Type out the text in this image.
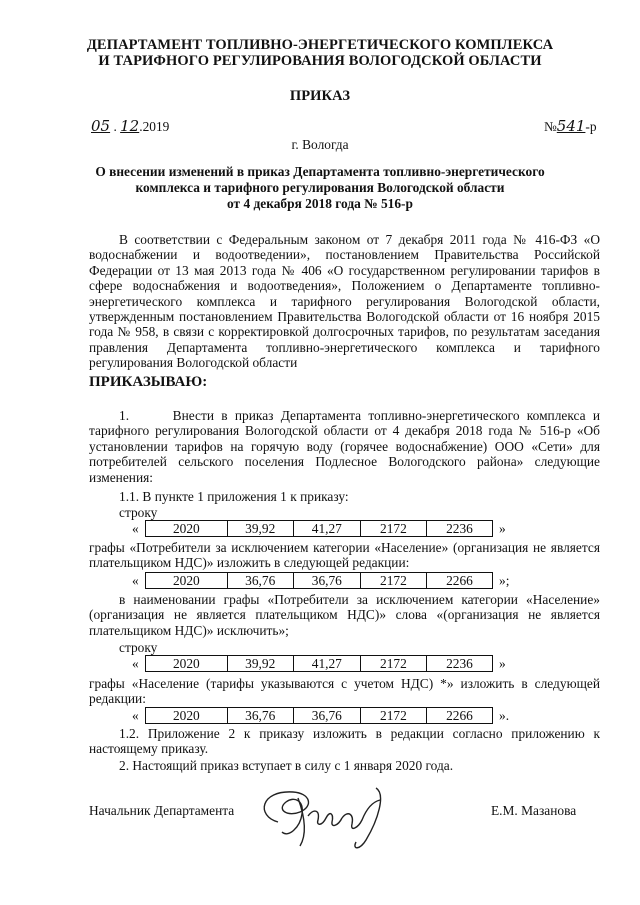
ДЕПАРТАМЕНТ ТОПЛИВНО-ЭНЕРГЕТИЧЕСКОГО КОМПЛЕКСА
И ТАРИФНОГО РЕГУЛИРОВАНИЯ ВОЛОГОДСКОЙ ОБЛАСТИ
ПРИКАЗ
05 . 12.2019	№541-р
г. Вологда
О внесении изменений в приказ Департамента топливно-энергетического
комплекса и тарифного регулирования Вологодской области
от 4 декабря 2018 года № 516-р
В соответствии с Федеральным законом от 7 декабря 2011 года № 416-ФЗ «О водоснабжении и водоотведении», постановлением Правительства Российской Федерации от 13 мая 2013 года № 406 «О государственном регулировании тарифов в сфере водоснабжения и водоотведения», Положением о Департаменте топливно-энергетического комплекса и тарифного регулирования Вологодской области, утвержденным постановлением Правительства Вологодской области от 16 ноября 2015 года № 958, в связи с корректировкой долгосрочных тарифов, по результатам заседания правления Департамента топливно-энергетического комплекса и тарифного регулирования Вологодской области
ПРИКАЗЫВАЮ:
1.	Внести в приказ Департамента топливно-энергетического комплекса и тарифного регулирования Вологодской области от 4 декабря 2018 года № 516-р «Об установлении тарифов на горячую воду (горячее водоснабжение) ООО «Сети» для потребителей сельского поселения Подлесное Вологодского района» следующие изменения:
1.1. В пункте 1 приложения 1 к приказу:
строку
«	2020	39,92	41,27	2172	2236 »
графы «Потребители за исключением категории «Население» (организация не является плательщиком НДС)» изложить в следующей редакции:
«	2020	36,76	36,76	2172	2266 »;
в наименовании графы «Потребители за исключением категории «Население» (организация не является плательщиком НДС)» слова «(организация не является плательщиком НДС)» исключить»;
строку
«	2020	39,92	41,27	2172	2236 »
графы «Население (тарифы указываются с учетом НДС) *» изложить в следующей редакции:
«	2020	36,76	36,76	2172	2266 ».
1.2. Приложение 2 к приказу изложить в редакции согласно приложению к настоящему приказу.
2. Настоящий приказ вступает в силу с 1 января 2020 года.
Начальник Департамента	Е.М. Мазанова
